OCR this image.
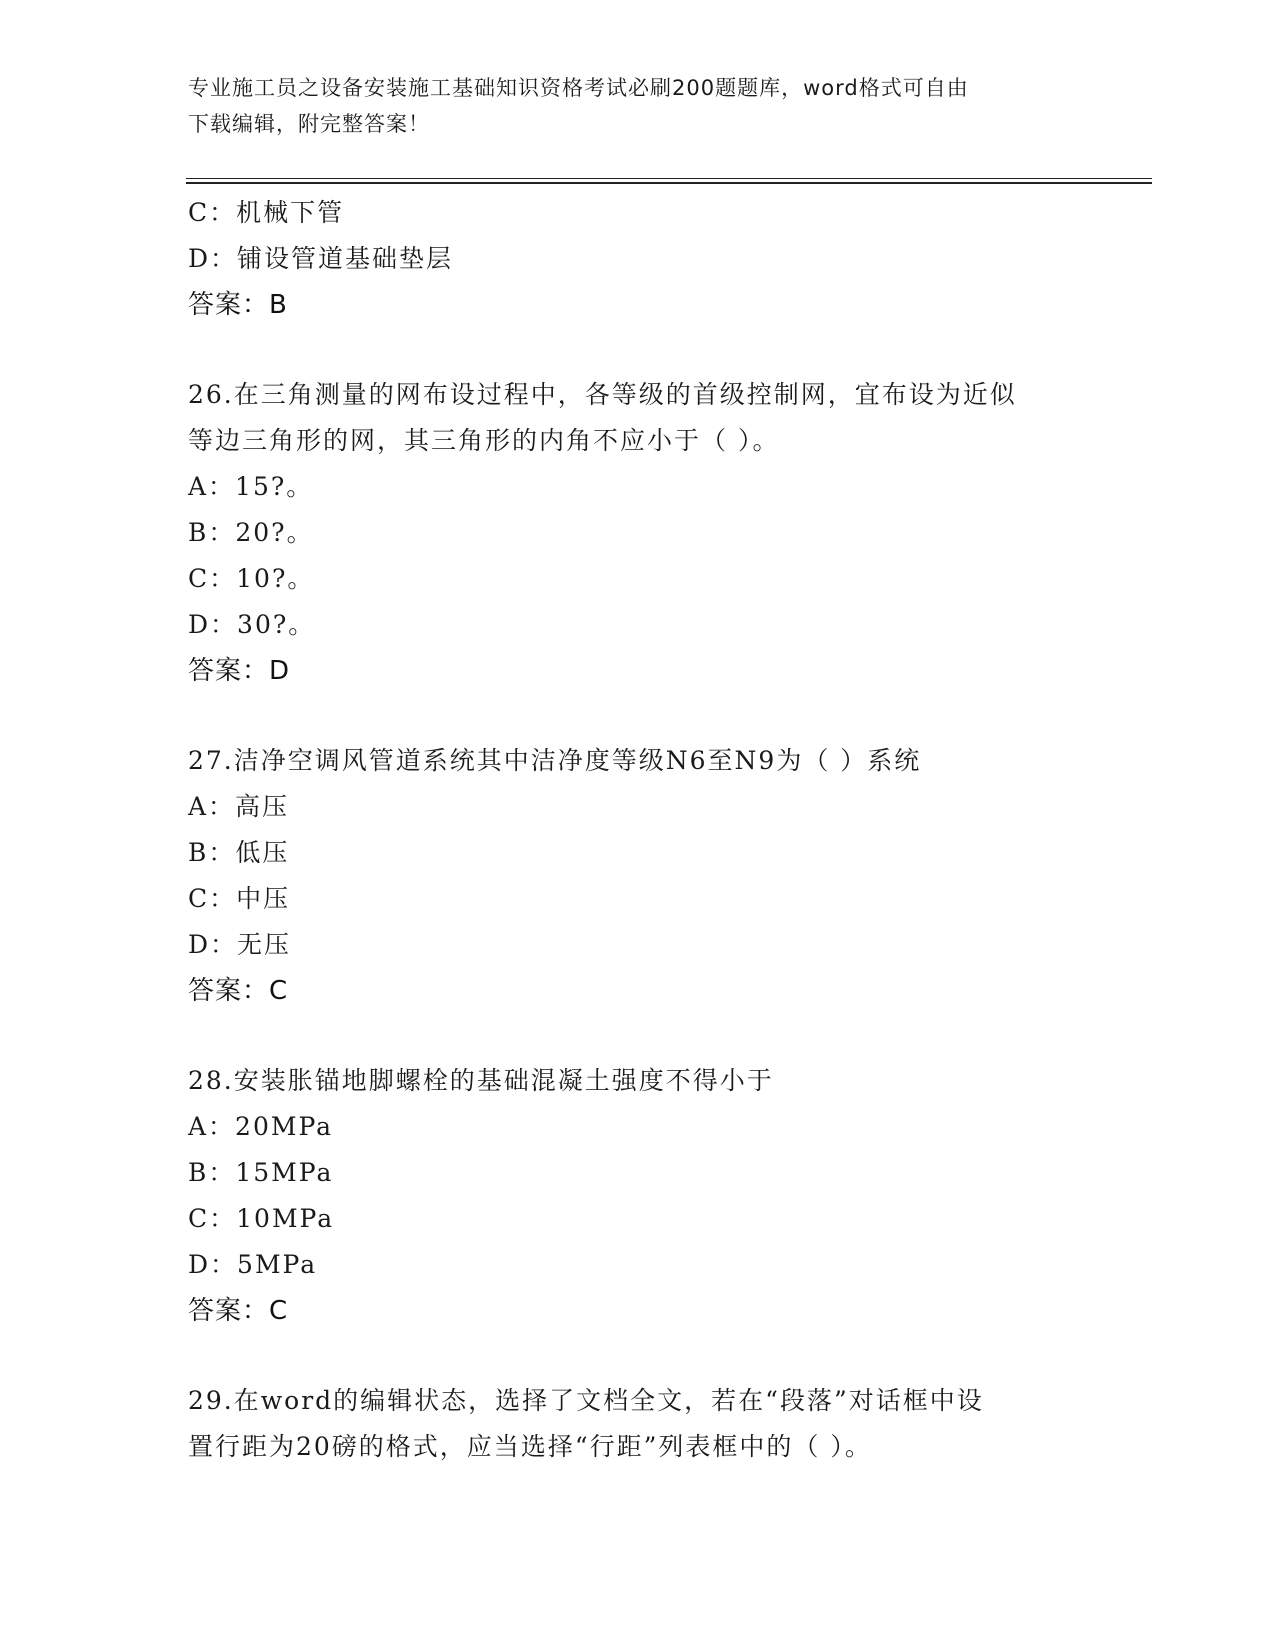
专业施工员之设备安装施工基础知识资格考试必刷200题题库，word格式可自由
下载编辑，附完整答案！
C：机械下管
D：铺设管道基础垫层
答案：B
26.在三角测量的网布设过程中，各等级的首级控制网，宜布设为近似
等边三角形的网，其三角形的内角不应小于（ ）。
A：15?。
B：20?。
C：10?。
D：30?。
答案：D
27.洁净空调风管道系统其中洁净度等级N6至N9为（ ）系统
A：高压
B：低压
C：中压
D：无压
答案：C
28.安装胀锚地脚螺栓的基础混凝土强度不得小于
A：20MPa
B：15MPa
C：10MPa
D：5MPa
答案：C
29.在word的编辑状态，选择了文档全文，若在“段落”对话框中设
置行距为20磅的格式，应当选择“行距”列表框中的（ ）。
